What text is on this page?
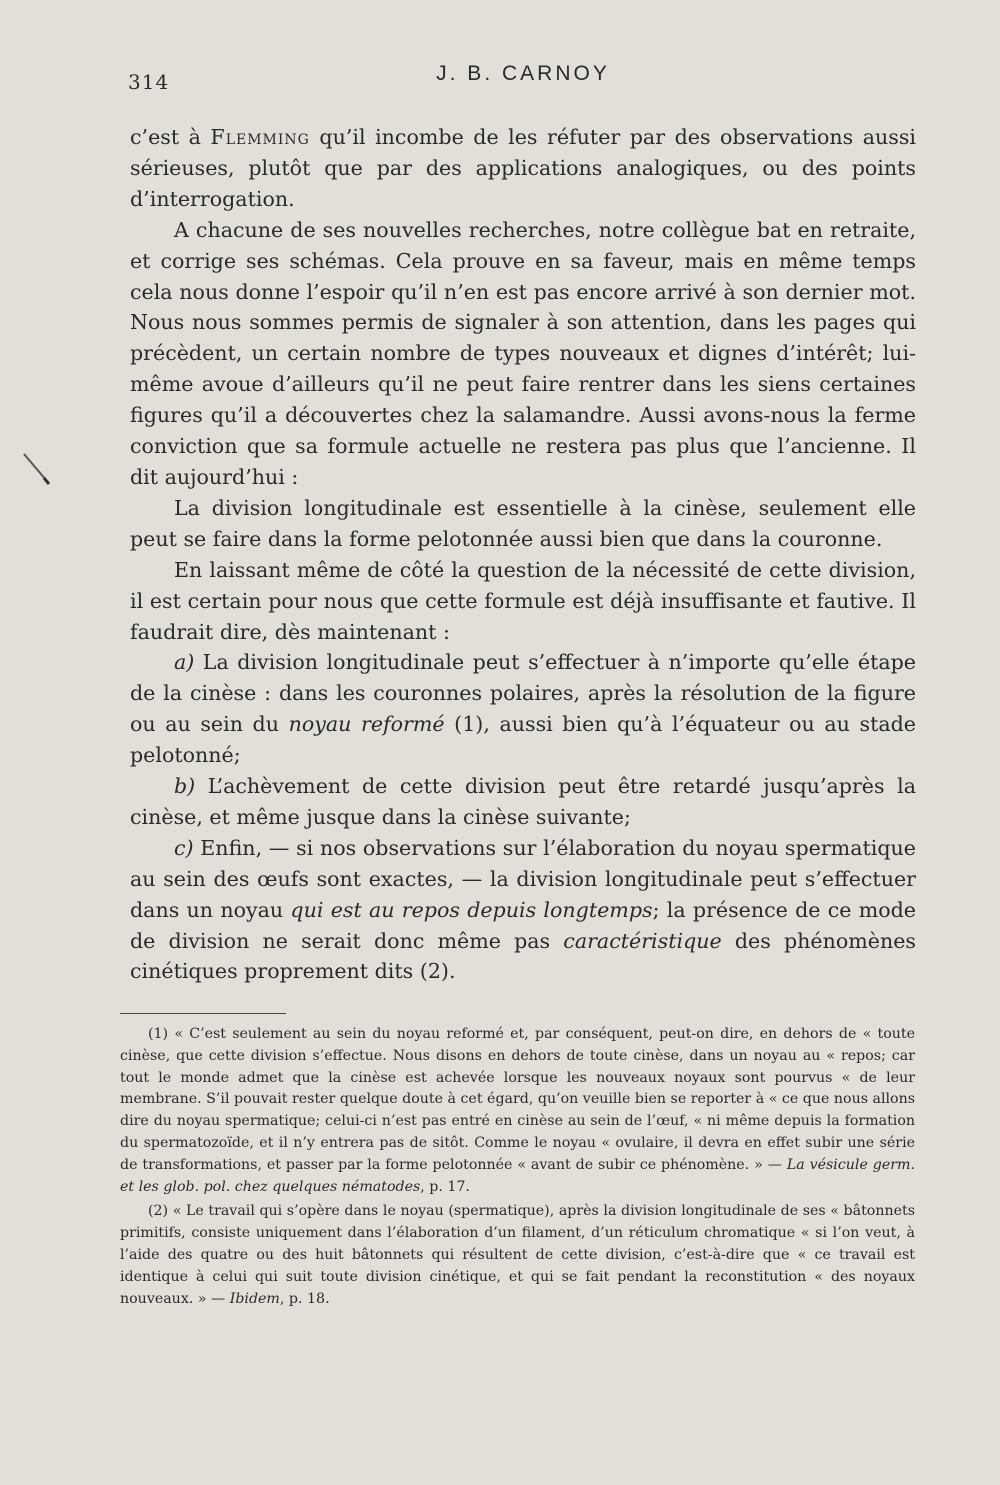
314	J. B. CARNOY

c’est à Flemming qu’il incombe de les réfuter par des observations aussi sérieuses, plutôt que par des applications analogiques, ou des points d’interrogation.

A chacune de ses nouvelles recherches, notre collègue bat en retraite, et corrige ses schémas. Cela prouve en sa faveur, mais en même temps cela nous donne l’espoir qu’il n’en est pas encore arrivé à son dernier mot. Nous nous sommes permis de signaler à son attention, dans les pages qui précèdent, un certain nombre de types nouveaux et dignes d’intérêt; lui-même avoue d’ailleurs qu’il ne peut faire rentrer dans les siens certaines figures qu’il a découvertes chez la salamandre. Aussi avons-nous la ferme conviction que sa formule actuelle ne restera pas plus que l’ancienne. Il dit aujourd’hui :

La division longitudinale est essentielle à la cinèse, seulement elle peut se faire dans la forme pelotonnée aussi bien que dans la couronne.

En laissant même de côté la question de la nécessité de cette division, il est certain pour nous que cette formule est déjà insuffisante et fautive. Il faudrait dire, dès maintenant :

a) La division longitudinale peut s’effectuer à n’importe qu’elle étape de la cinèse : dans les couronnes polaires, après la résolution de la figure ou au sein du noyau reformé (1), aussi bien qu’à l’équateur ou au stade pelotonné;

b) L’achèvement de cette division peut être retardé jusqu’après la cinèse, et même jusque dans la cinèse suivante;

c) Enfin, — si nos observations sur l’élaboration du noyau spermatique au sein des œufs sont exactes, — la division longitudinale peut s’effectuer dans un noyau qui est au repos depuis longtemps; la présence de ce mode de division ne serait donc même pas caractéristique des phénomènes cinétiques proprement dits (2).

(1) « C’est seulement au sein du noyau reformé et, par conséquent, peut-on dire, en dehors de « toute cinèse, que cette division s’effectue. Nous disons en dehors de toute cinèse, dans un noyau au « repos; car tout le monde admet que la cinèse est achevée lorsque les nouveaux noyaux sont pourvus « de leur membrane. S’il pouvait rester quelque doute à cet égard, qu’on veuille bien se reporter à « ce que nous allons dire du noyau spermatique; celui-ci n’est pas entré en cinèse au sein de l’œuf, « ni même depuis la formation du spermatozoïde, et il n’y entrera pas de sitôt. Comme le noyau « ovulaire, il devra en effet subir une série de transformations, et passer par la forme pelotonnée « avant de subir ce phénomène. » — La vésicule germ. et les glob. pol. chez quelques nématodes, p. 17.

(2) « Le travail qui s’opère dans le noyau (spermatique), après la division longitudinale de ses « bâtonnets primitifs, consiste uniquement dans l’élaboration d’un filament, d’un réticulum chromatique « si l’on veut, à l’aide des quatre ou des huit bâtonnets qui résultent de cette division, c’est-à-dire que « ce travail est identique à celui qui suit toute division cinétique, et qui se fait pendant la reconstitution « des noyaux nouveaux. » — Ibidem, p. 18.
